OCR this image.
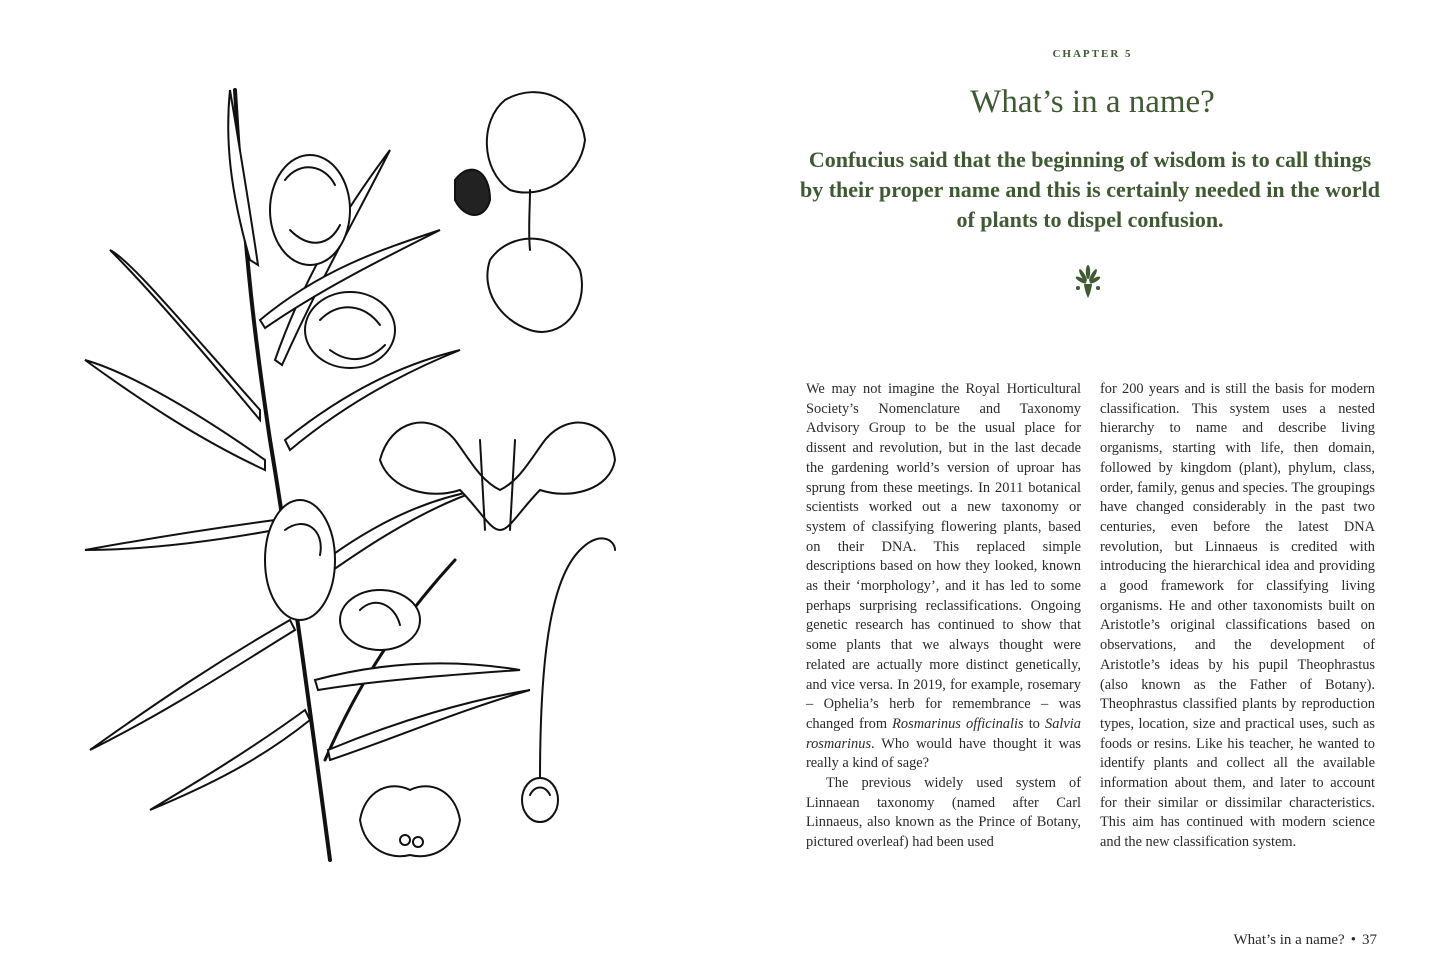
CHAPTER 5
What’s in a name?
Confucius said that the beginning of wisdom is to call things by their proper name and this is certainly needed in the world of plants to dispel confusion.

We may not imagine the Royal Horticultural Society’s Nomenclature and Taxonomy Advisory Group to be the usual place for dissent and revolution, but in the last decade the gardening world’s version of uproar has sprung from these meetings. In 2011 botanical scientists worked out a new taxonomy or system of classifying flowering plants, based on their DNA. This replaced simple descriptions based on how they looked, known as their ‘morphology’, and it has led to some perhaps surprising reclassifications. Ongoing genetic research has continued to show that some plants that we always thought were related are actually more distinct genetically, and vice versa. In 2019, for example, rosemary – Ophelia’s herb for remembrance – was changed from Rosmarinus officinalis to Salvia rosmarinus. Who would have thought it was really a kind of sage?

The previous widely used system of Linnaean taxonomy (named after Carl Linnaeus, also known as the Prince of Botany, pictured overleaf) had been used

for 200 years and is still the basis for modern classification. This system uses a nested hierarchy to name and describe living organisms, starting with life, then domain, followed by kingdom (plant), phylum, class, order, family, genus and species. The groupings have changed considerably in the past two centuries, even before the latest DNA revolution, but Linnaeus is credited with introducing the hierarchical idea and providing a good framework for classifying living organisms. He and other taxonomists built on Aristotle’s original classifications based on observations, and the development of Aristotle’s ideas by his pupil Theophrastus (also known as the Father of Botany). Theophrastus classified plants by reproduction types, location, size and practical uses, such as foods or resins. Like his teacher, he wanted to identify plants and collect all the available information about them, and later to account for their similar or dissimilar characteristics. This aim has continued with modern science and the new classification system.

What’s in a name? • 37
